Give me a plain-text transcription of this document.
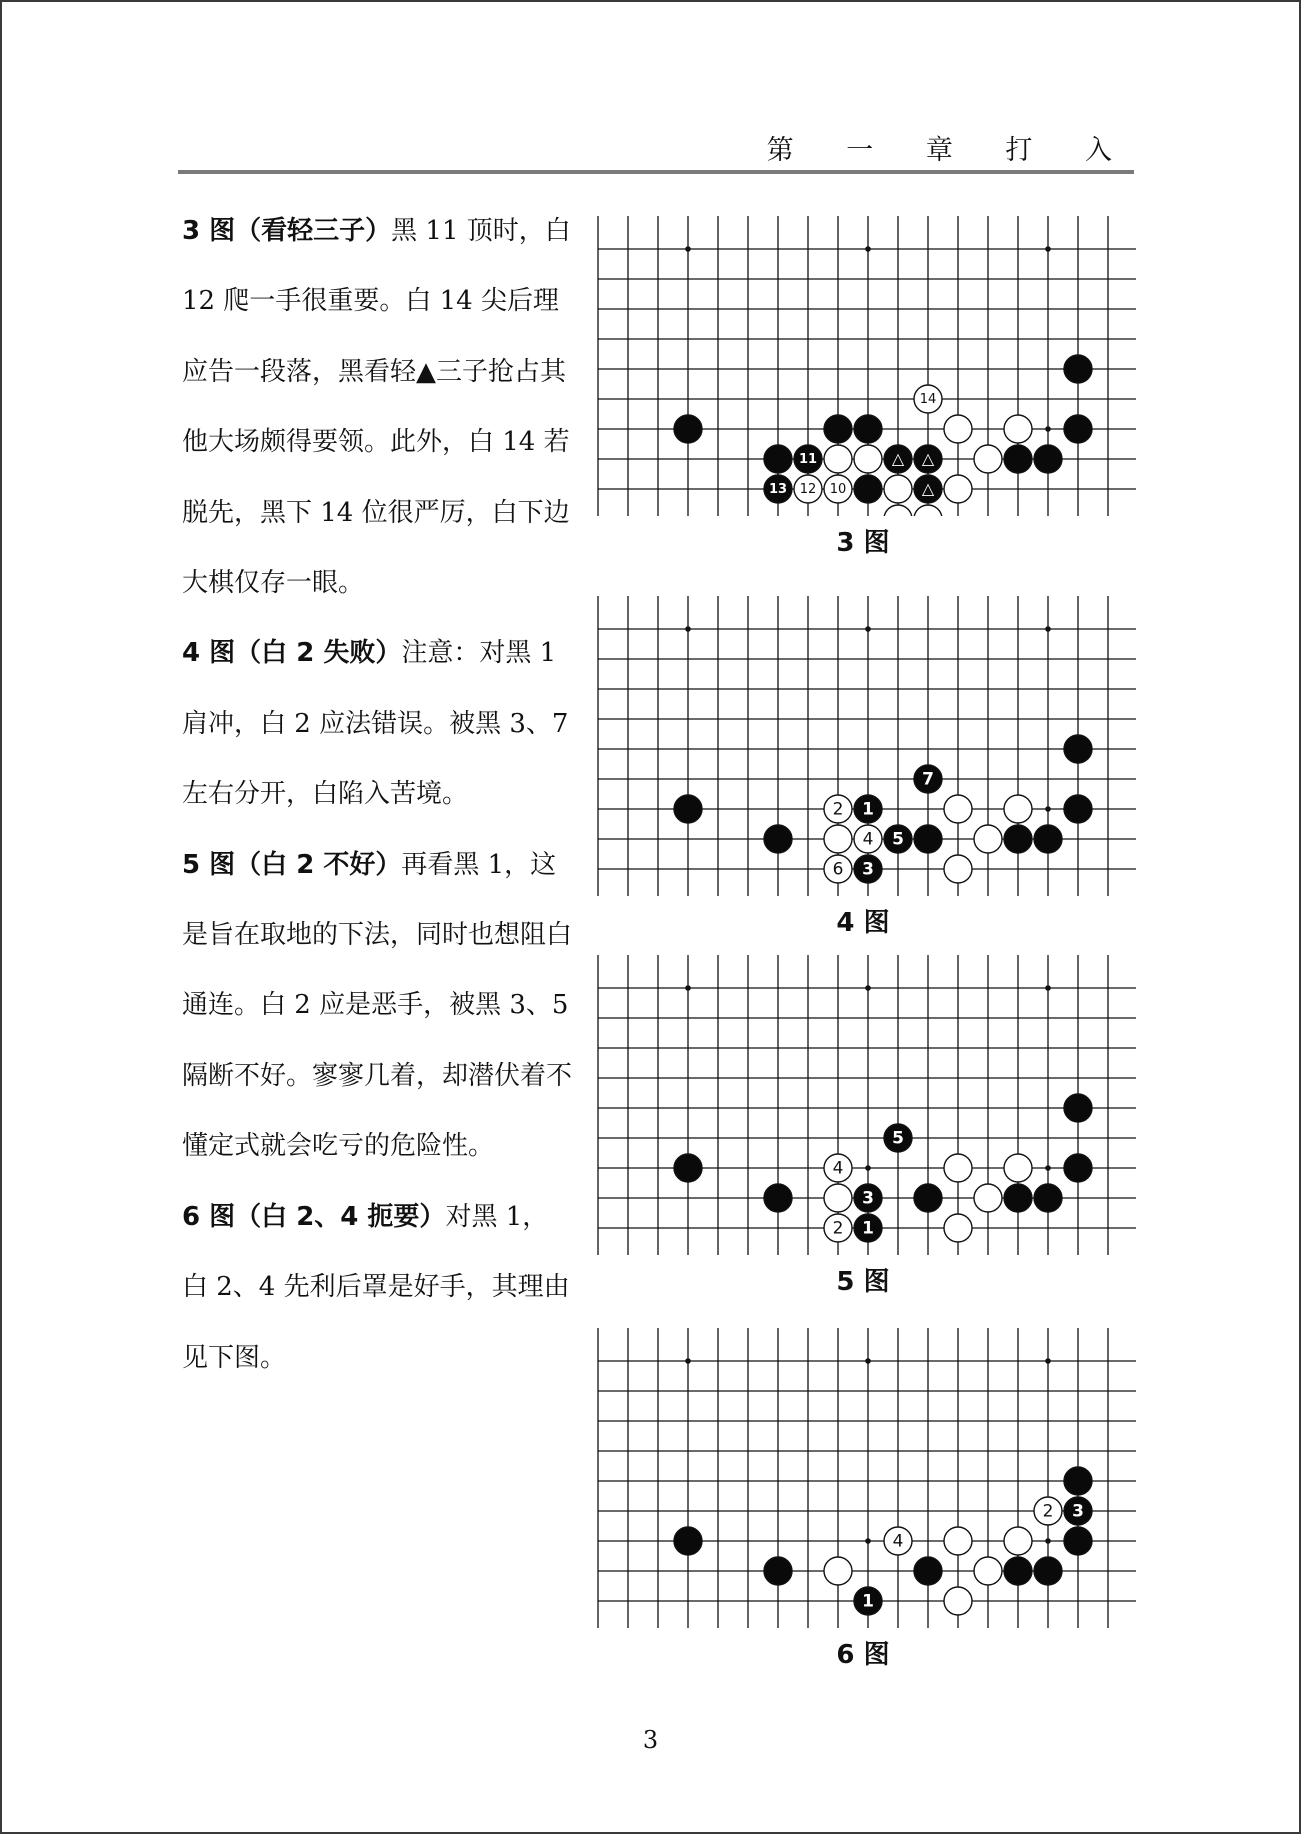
第 一 章 打 入

3 图（看轻三子）黑 11 顶时，白 12 爬一手很重要。白 14 尖后理应告一段落，黑看轻▲三子抢占其他大场颇得要领。此外，白 14 若脱先，黑下 14 位很严厉，白下边大棋仅存一眼。

4 图（白 2 失败）注意：对黑 1 肩冲，白 2 应法错误。被黑 3、7 左右分开，白陷入苦境。

5 图（白 2 不好）再看黑 1，这是旨在取地的下法，同时也想阻白通连。白 2 应是恶手，被黑 3、5 隔断不好。寥寥几着，却潜伏着不懂定式就会吃亏的危险性。

6 图（白 2、4 扼要）对黑 1，白 2、4 先利后罩是好手，其理由见下图。

11
13
△ △
△
12 10
14
3 图
1
3
5
7
2
4
6
4 图
1
3
5
2
4
5 图
1
3
2
4
6 图
3
